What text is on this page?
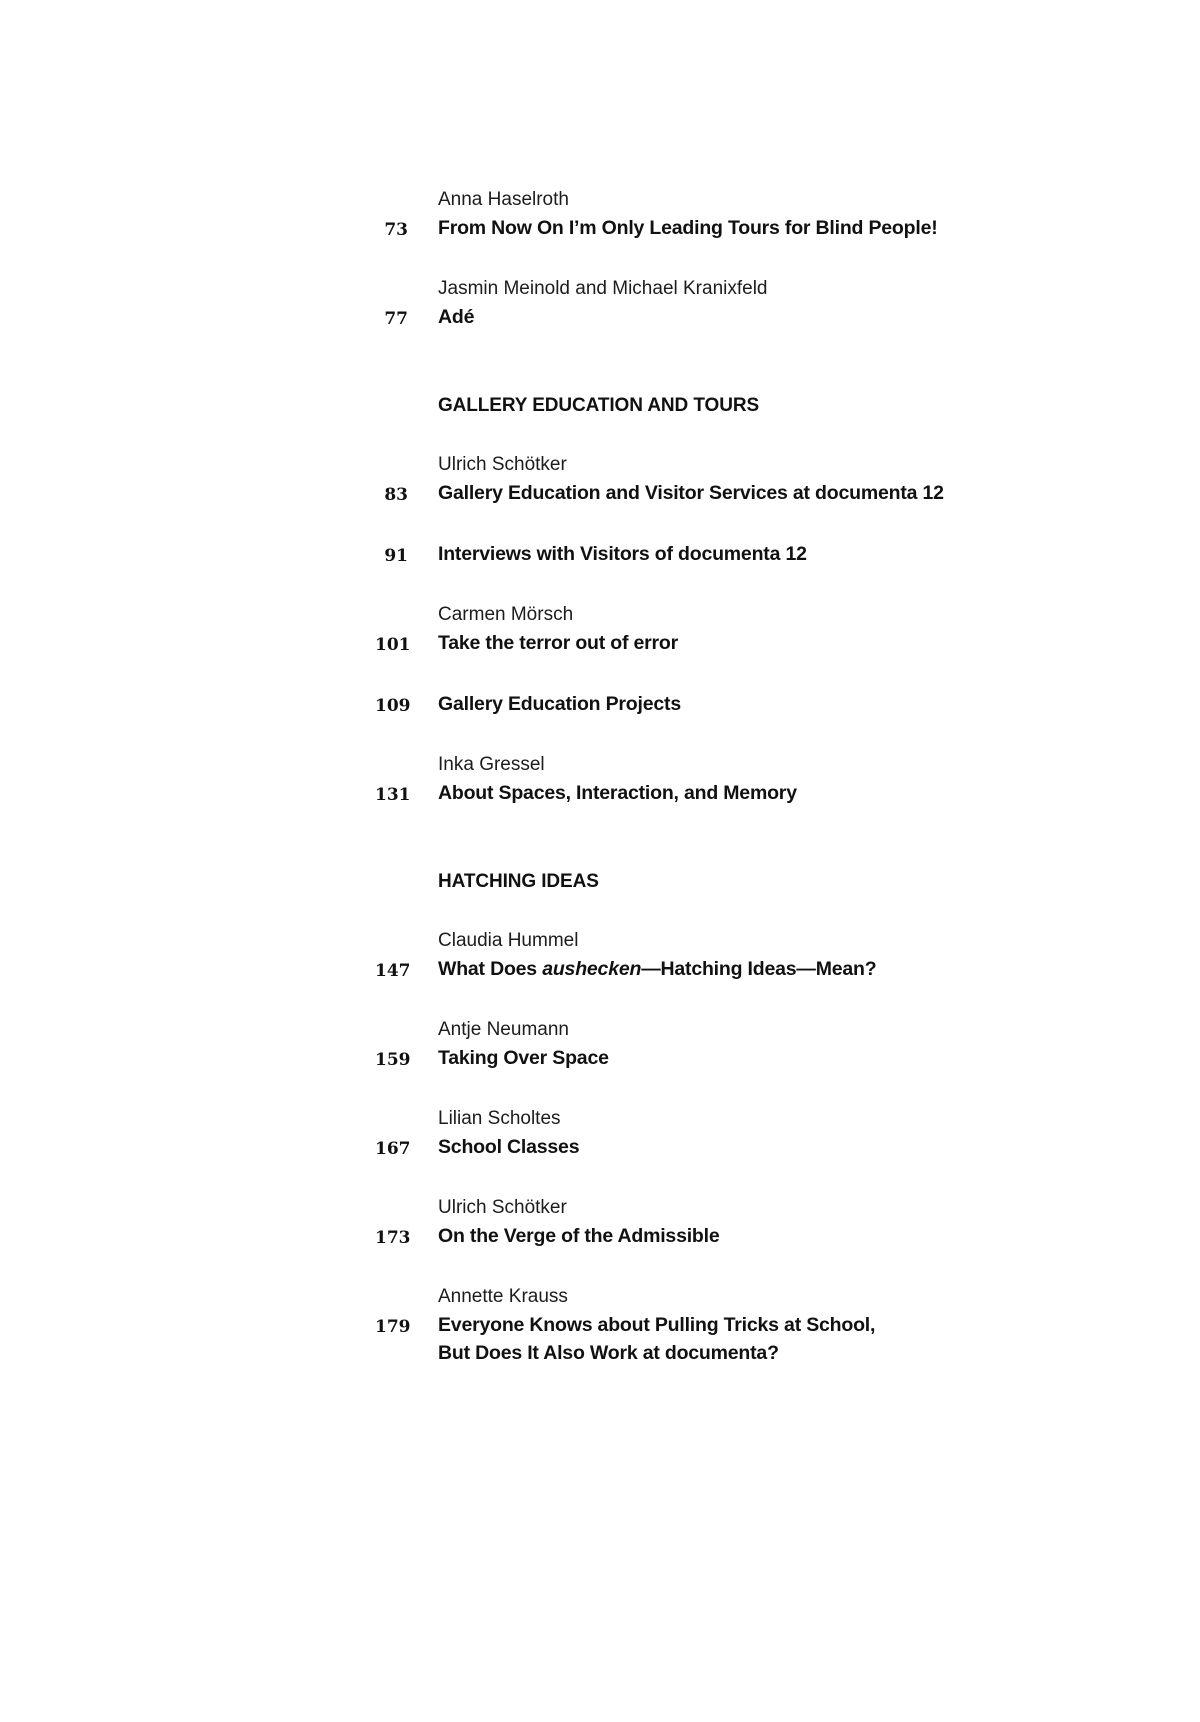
Anna Haselroth
73 From Now On I’m Only Leading Tours for Blind People!
Jasmin Meinold and Michael Kranixfeld
77 Adé
GALLERY EDUCATION AND TOURS
Ulrich Schötker
83 Gallery Education and Visitor Services at documenta 12
91 Interviews with Visitors of documenta 12
Carmen Mörsch
101 Take the terror out of error
109 Gallery Education Projects
Inka Gressel
131 About Spaces, Interaction, and Memory
HATCHING IDEAS
Claudia Hummel
147 What Does aushecken—Hatching Ideas—Mean?
Antje Neumann
159 Taking Over Space
Lilian Scholtes
167 School Classes
Ulrich Schötker
173 On the Verge of the Admissible
Annette Krauss
179 Everyone Knows about Pulling Tricks at School,
But Does It Also Work at documenta?
